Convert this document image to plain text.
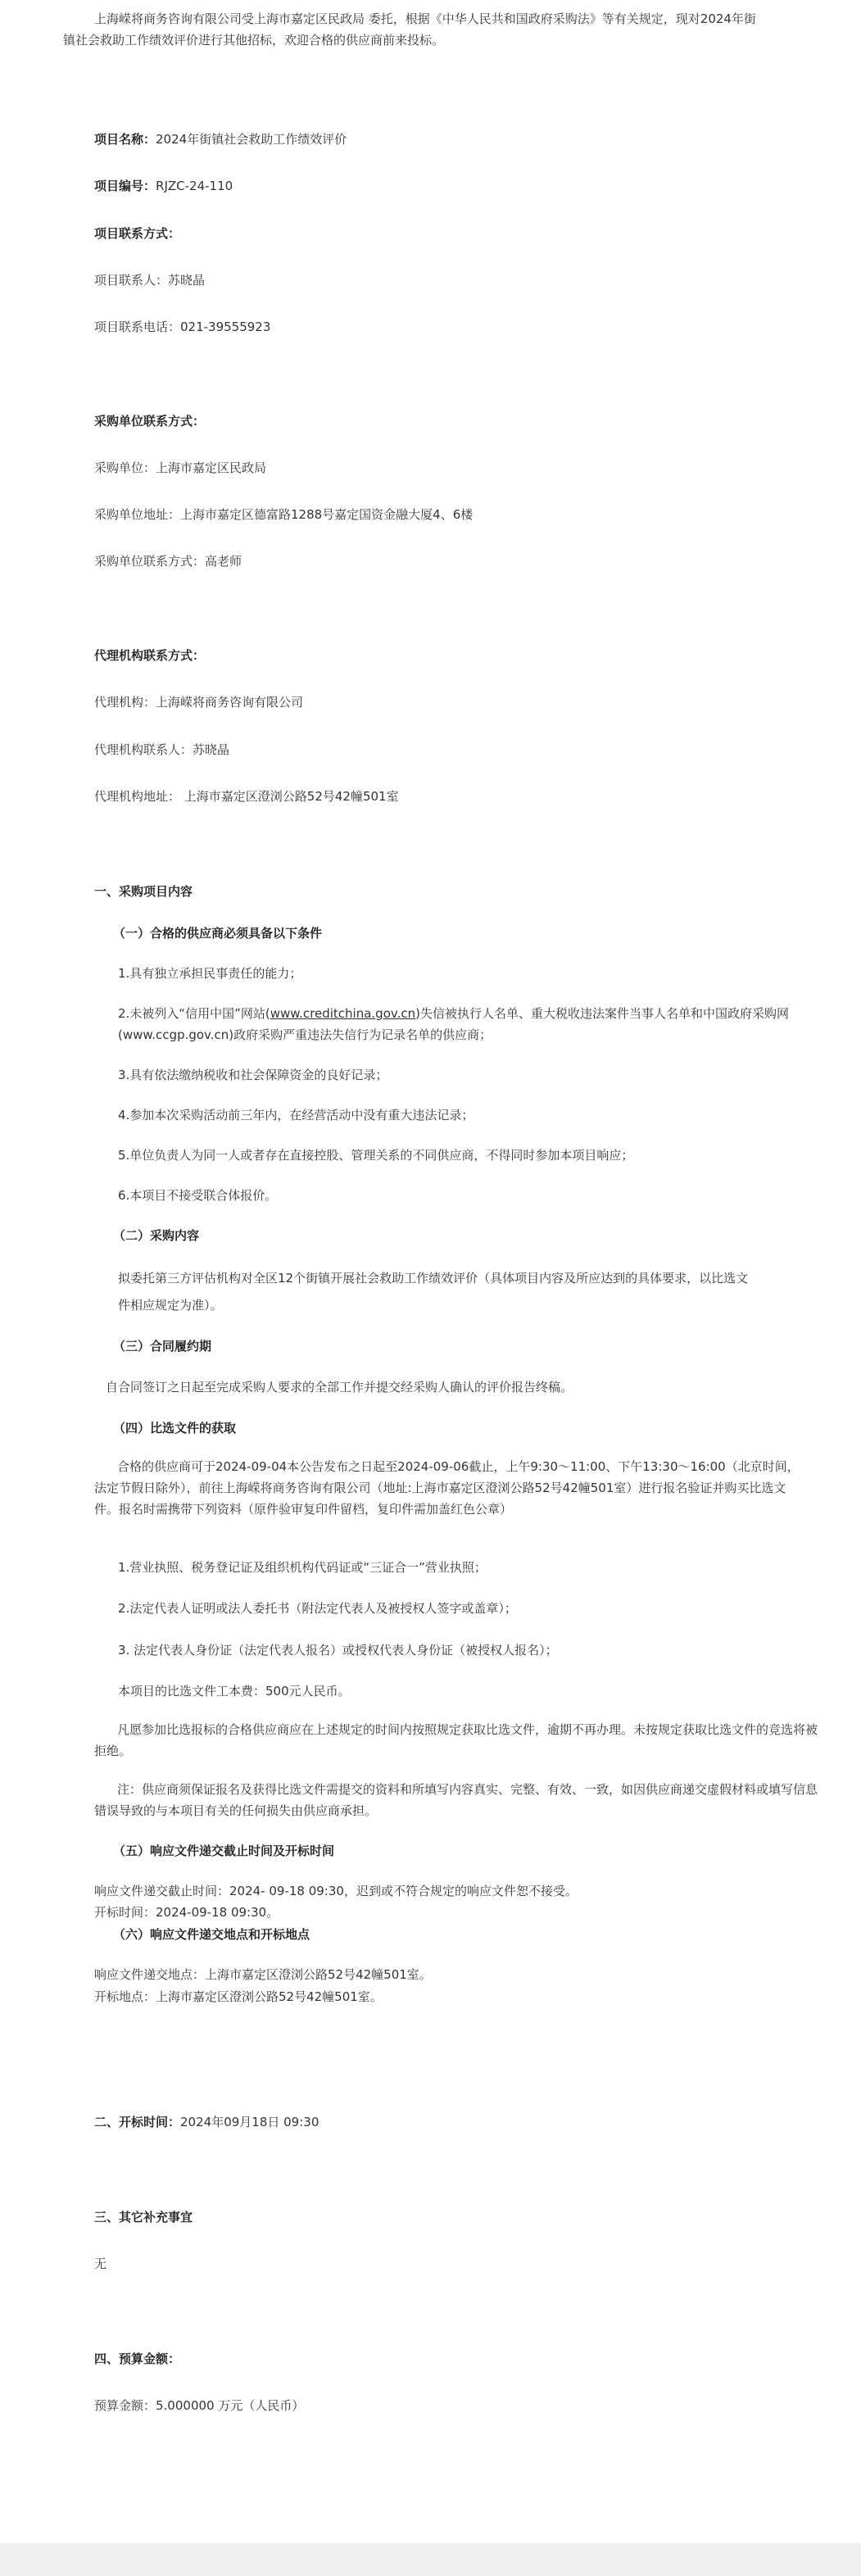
上海嵘将商务咨询有限公司受上海市嘉定区民政局 委托，根据《中华人民共和国政府采购法》等有关规定，现对2024年街镇社会救助工作绩效评价进行其他招标，欢迎合格的供应商前来投标。

项目名称：2024年街镇社会救助工作绩效评价

项目编号：RJZC-24-110

项目联系方式：

项目联系人：苏晓晶

项目联系电话：021-39555923

采购单位联系方式：

采购单位：上海市嘉定区民政局

采购单位地址：上海市嘉定区德富路1288号嘉定国资金融大厦4、6楼

采购单位联系方式：高老师

代理机构联系方式：

代理机构：上海嵘将商务咨询有限公司

代理机构联系人：苏晓晶

代理机构地址： 上海市嘉定区澄浏公路52号42幢501室

一、采购项目内容

（一）合格的供应商必须具备以下条件

1.具有独立承担民事责任的能力；

2.未被列入“信用中国”网站(www.creditchina.gov.cn)失信被执行人名单、重大税收违法案件当事人名单和中国政府采购网(www.ccgp.gov.cn)政府采购严重违法失信行为记录名单的供应商；

3.具有依法缴纳税收和社会保障资金的良好记录；

4.参加本次采购活动前三年内，在经营活动中没有重大违法记录；

5.单位负责人为同一人或者存在直接控股、管理关系的不同供应商，不得同时参加本项目响应；

6.本项目不接受联合体报价。

（二）采购内容

拟委托第三方评估机构对全区12个街镇开展社会救助工作绩效评价（具体项目内容及所应达到的具体要求，以比选文件相应规定为准）。

（三）合同履约期

自合同签订之日起至完成采购人要求的全部工作并提交经采购人确认的评价报告终稿。

（四）比选文件的获取

合格的供应商可于2024-09-04本公告发布之日起至2024-09-06截止，上午9:30～11:00、下午13:30～16:00（北京时间，法定节假日除外），前往上海嵘将商务咨询有限公司（地址:上海市嘉定区澄浏公路52号42幢501室）进行报名验证并购买比选文件。报名时需携带下列资料（原件验审复印件留档，复印件需加盖红色公章）

1.营业执照、税务登记证及组织机构代码证或“三证合一”营业执照；

2.法定代表人证明或法人委托书（附法定代表人及被授权人签字或盖章）；

3. 法定代表人身份证（法定代表人报名）或授权代表人身份证（被授权人报名）；

本项目的比选文件工本费：500元人民币。

凡愿参加比选报标的合格供应商应在上述规定的时间内按照规定获取比选文件，逾期不再办理。未按规定获取比选文件的竞选将被拒绝。

注：供应商须保证报名及获得比选文件需提交的资料和所填写内容真实、完整、有效、一致，如因供应商递交虚假材料或填写信息错误导致的与本项目有关的任何损失由供应商承担。

（五）响应文件递交截止时间及开标时间

响应文件递交截止时间：2024- 09-18 09:30，迟到或不符合规定的响应文件恕不接受。

开标时间：2024-09-18 09:30。

（六）响应文件递交地点和开标地点

响应文件递交地点：上海市嘉定区澄浏公路52号42幢501室。

开标地点：上海市嘉定区澄浏公路52号42幢501室。

二、开标时间：2024年09月18日 09:30

三、其它补充事宜

无

四、预算金额：

预算金额：5.000000 万元（人民币）
